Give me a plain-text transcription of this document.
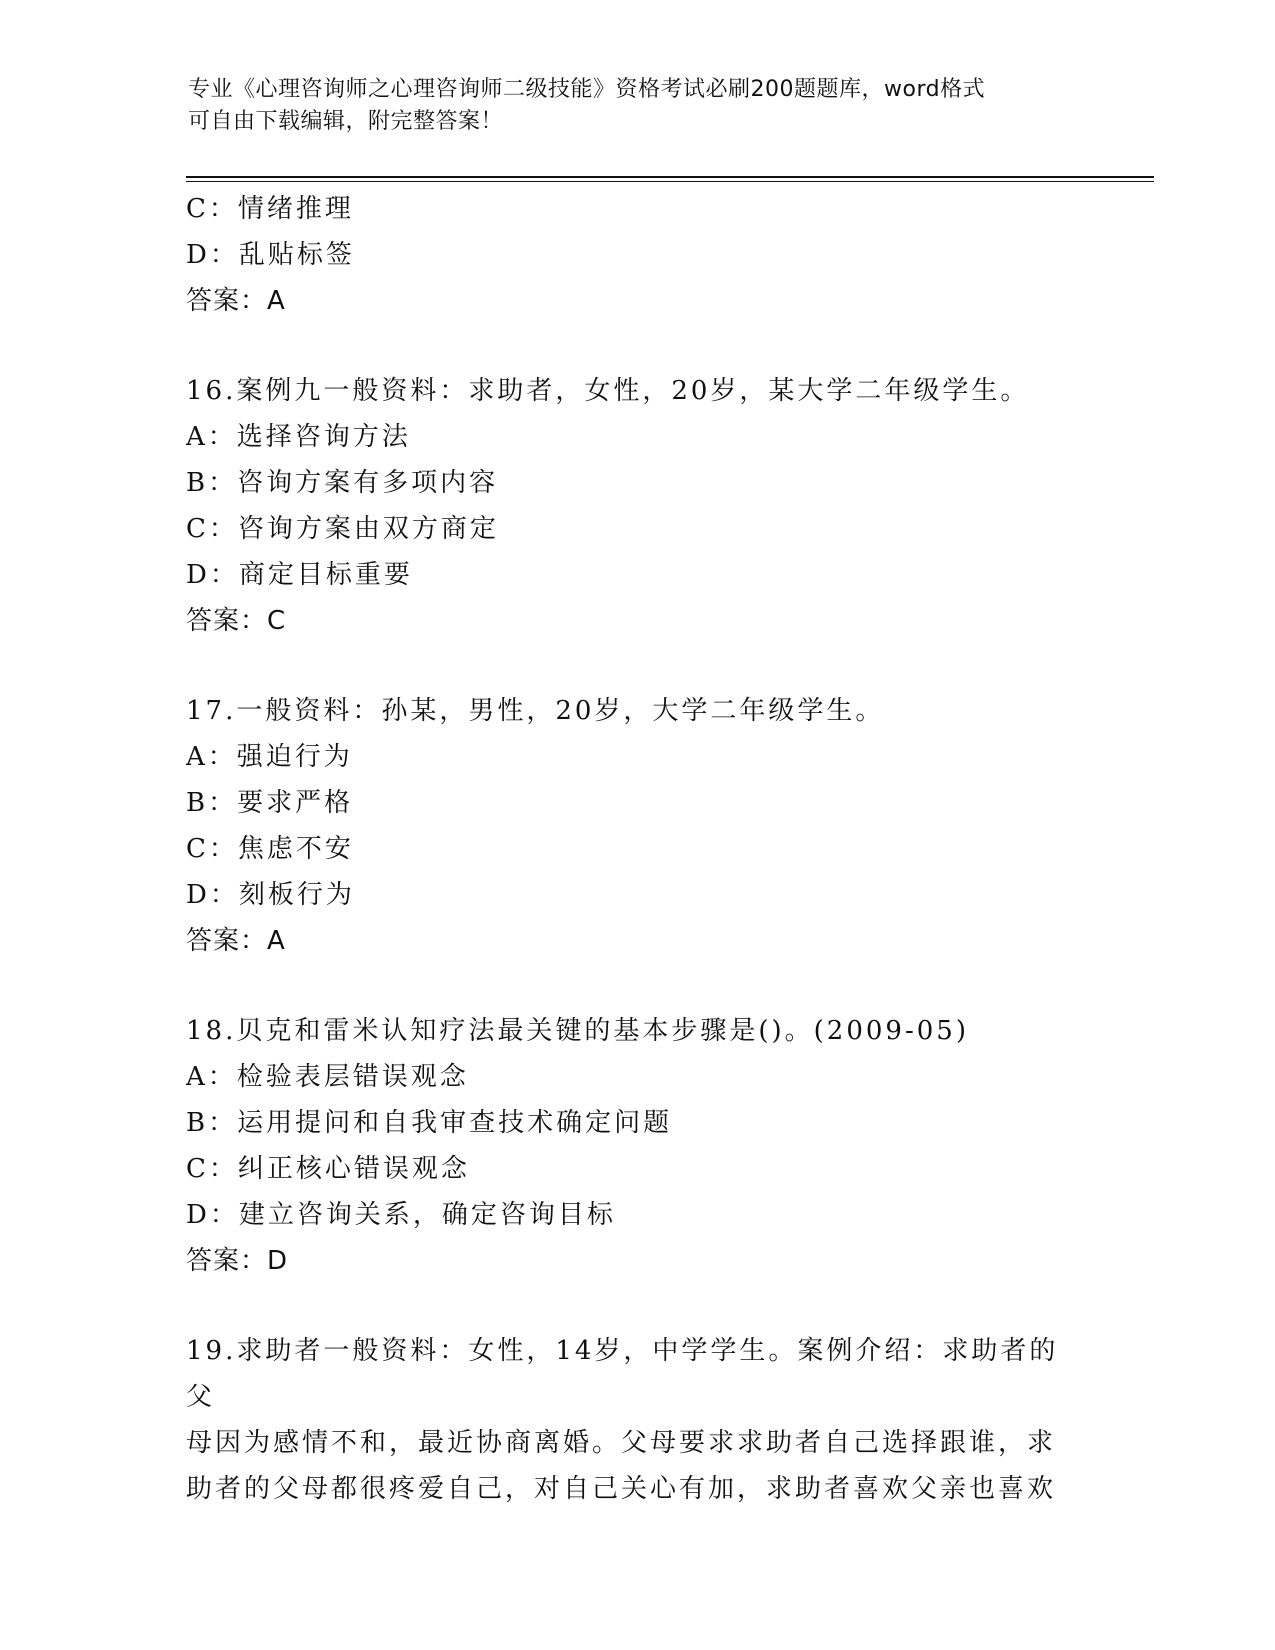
专业《心理咨询师之心理咨询师二级技能》资格考试必刷200题题库，word格式
可自由下载编辑，附完整答案！
C：情绪推理
D：乱贴标签
答案：A
16.案例九一般资料：求助者，女性，20岁，某大学二年级学生。
A：选择咨询方法
B：咨询方案有多项内容
C：咨询方案由双方商定
D：商定目标重要
答案：C
17.一般资料：孙某，男性，20岁，大学二年级学生。
A：强迫行为
B：要求严格
C：焦虑不安
D：刻板行为
答案：A
18.贝克和雷米认知疗法最关键的基本步骤是()。(2009-05)
A：检验表层错误观念
B：运用提问和自我审查技术确定问题
C：纠正核心错误观念
D：建立咨询关系，确定咨询目标
答案：D
19.求助者一般资料：女性，14岁，中学学生。案例介绍：求助者的父
母因为感情不和，最近协商离婚。父母要求求助者自己选择跟谁，求
助者的父母都很疼爱自己，对自己关心有加，求助者喜欢父亲也喜欢
